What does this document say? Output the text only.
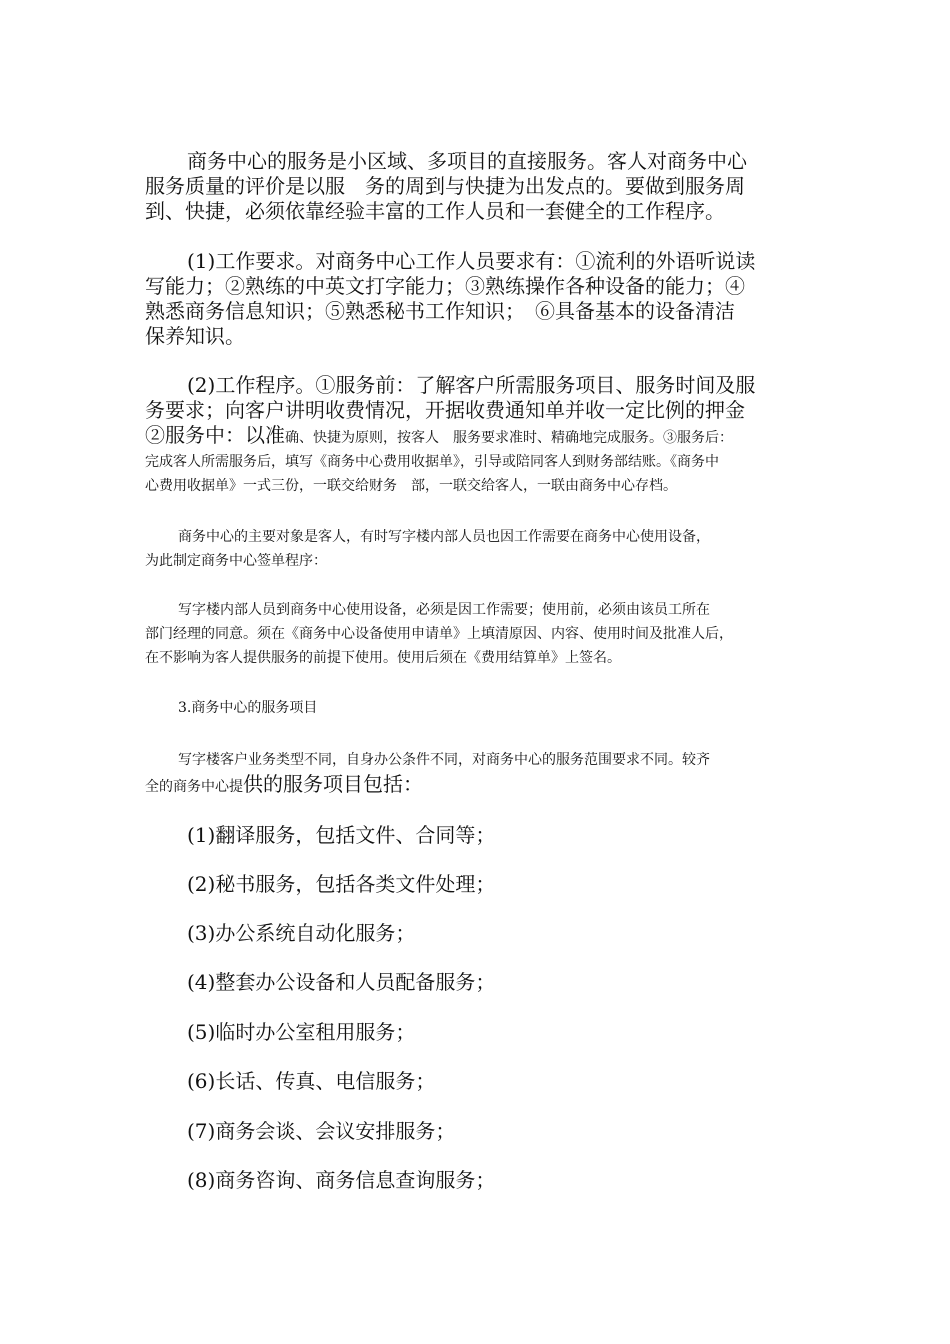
商务中心的服务是小区域、多项目的直接服务。客人对商务中心
服务质量的评价是以服　务的周到与快捷为出发点的。要做到服务周
到、快捷，必须依靠经验丰富的工作人员和一套健全的工作程序。

(1)工作要求。对商务中心工作人员要求有：①流利的外语听说读
写能力；②熟练的中英文打字能力；③熟练操作各种设备的能力；④
熟悉商务信息知识；⑤熟悉秘书工作知识；　⑥具备基本的设备清洁
保养知识。

(2)工作程序。①服务前：了解客户所需服务项目、服务时间及服
务要求；向客户讲明收费情况，开据收费通知单并收一定比例的押金
②服务中：以准确、快捷为原则，按客人　服务要求准时、精确地完成服务。③服务后：

完成客人所需服务后，填写《商务中心费用收据单》，引导或陪同客人到财务部结账。《商务中
心费用收据单》一式三份，一联交给财务　部，一联交给客人，一联由商务中心存档。

商务中心的主要对象是客人，有时写字楼内部人员也因工作需要在商务中心使用设备，
为此制定商务中心签单程序：

写字楼内部人员到商务中心使用设备，必须是因工作需要；使用前，必须由该员工所在
部门经理的同意。须在《商务中心设备使用申请单》上填清原因、内容、使用时间及批准人后，
在不影响为客人提供服务的前提下使用。使用后须在《费用结算单》上签名。

3.商务中心的服务项目

写字楼客户业务类型不同，自身办公条件不同，对商务中心的服务范围要求不同。较齐
全的商务中心提供的服务项目包括：

(1)翻译服务，包括文件、合同等；

(2)秘书服务，包括各类文件处理；

(3)办公系统自动化服务；

(4)整套办公设备和人员配备服务；

(5)临时办公室租用服务；

(6)长话、传真、电信服务；

(7)商务会谈、会议安排服务；

(8)商务咨询、商务信息查询服务；
